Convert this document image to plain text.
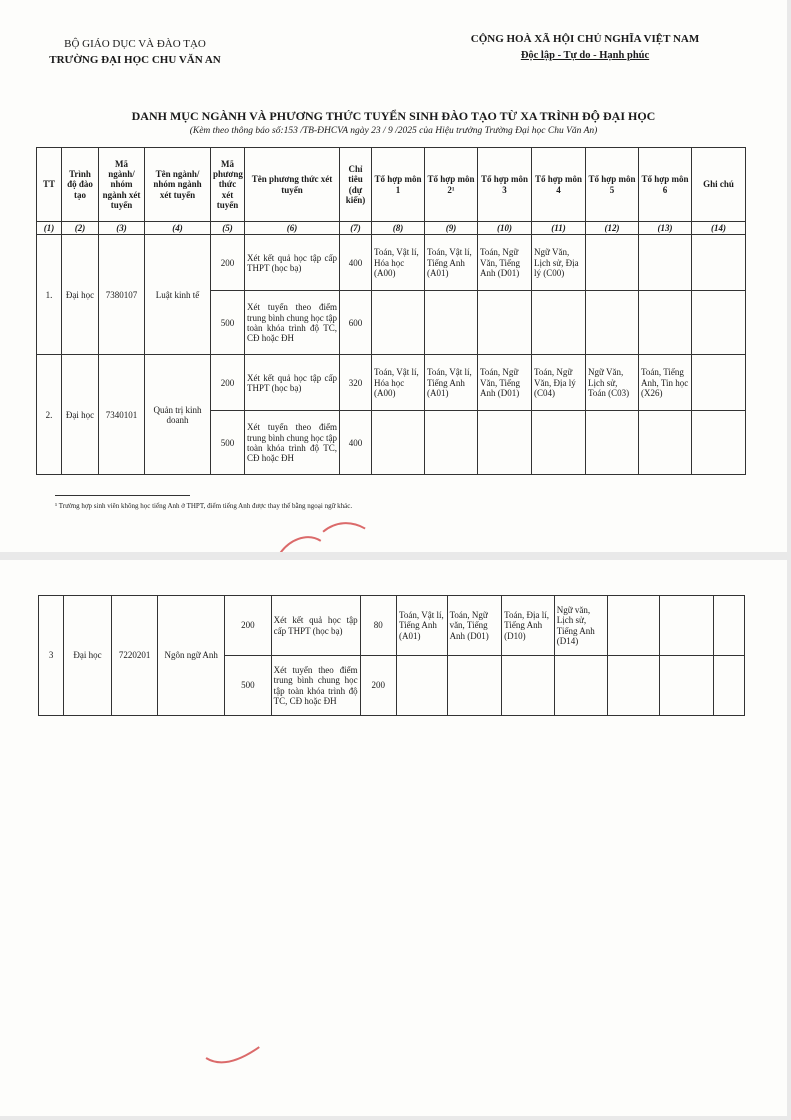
BỘ GIÁO DỤC VÀ ĐÀO TẠO
TRƯỜNG ĐẠI HỌC CHU VĂN AN
CỘNG HOÀ XÃ HỘI CHỦ NGHĨA VIỆT NAM
Độc lập - Tự do - Hạnh phúc
DANH MỤC NGÀNH VÀ PHƯƠNG THỨC TUYỂN SINH ĐÀO TẠO TỪ XA TRÌNH ĐỘ ĐẠI HỌC
(Kèm theo thông báo số:153 /TB-ĐHCVA ngày 23 / 9 /2025 của Hiệu trưởng Trường Đại học Chu Văn An)
TT	Trình độ đào tạo	Mã ngành/ nhóm ngành xét tuyển	Tên ngành/ nhóm ngành xét tuyển	Mã phương thức xét tuyển	Tên phương thức xét tuyển	Chỉ tiêu (dự kiến)	Tổ hợp môn 1	Tổ hợp môn 2¹	Tổ hợp môn 3	Tổ hợp môn 4	Tổ hợp môn 5	Tổ hợp môn 6	Ghi chú
(1)	(2)	(3)	(4)	(5)	(6)	(7)	(8)	(9)	(10)	(11)	(12)	(13)	(14)
1.	Đại học	7380107	Luật kinh tế	200	Xét kết quả học tập cấp THPT (học bạ)	400	Toán, Vật lí, Hóa học (A00)	Toán, Vật lí, Tiếng Anh (A01)	Toán, Ngữ Văn, Tiếng Anh (D01)	Ngữ Văn, Lịch sử, Địa lý (C00)			
				500	Xét tuyển theo điểm trung bình chung học tập toàn khóa trình độ TC, CĐ hoặc ĐH	600							
2.	Đại học	7340101	Quản trị kinh doanh	200	Xét kết quả học tập cấp THPT (học bạ)	320	Toán, Vật lí, Hóa học (A00)	Toán, Vật lí, Tiếng Anh (A01)	Toán, Ngữ Văn, Tiếng Anh (D01)	Toán, Ngữ Văn, Địa lý (C04)	Ngữ Văn, Lịch sử, Toán (C03)	Toán, Tiếng Anh, Tin học (X26)	
				500	Xét tuyển theo điểm trung bình chung học tập toàn khóa trình độ TC, CĐ hoặc ĐH	400							
¹ Trường hợp sinh viên không học tiếng Anh ở THPT, điểm tiếng Anh được thay thế bằng ngoại ngữ khác.
3	Đại học	7220201	Ngôn ngữ Anh	200	Xét kết quả học tập cấp THPT (học bạ)	80	Toán, Vật lí, Tiếng Anh (A01)	Toán, Ngữ văn, Tiếng Anh (D01)	Toán, Địa lí, Tiếng Anh (D10)	Ngữ văn, Lịch sử, Tiếng Anh (D14)			
				500	Xét tuyển theo điểm trung bình chung học tập toàn khóa trình độ TC, CĐ hoặc ĐH	200							
